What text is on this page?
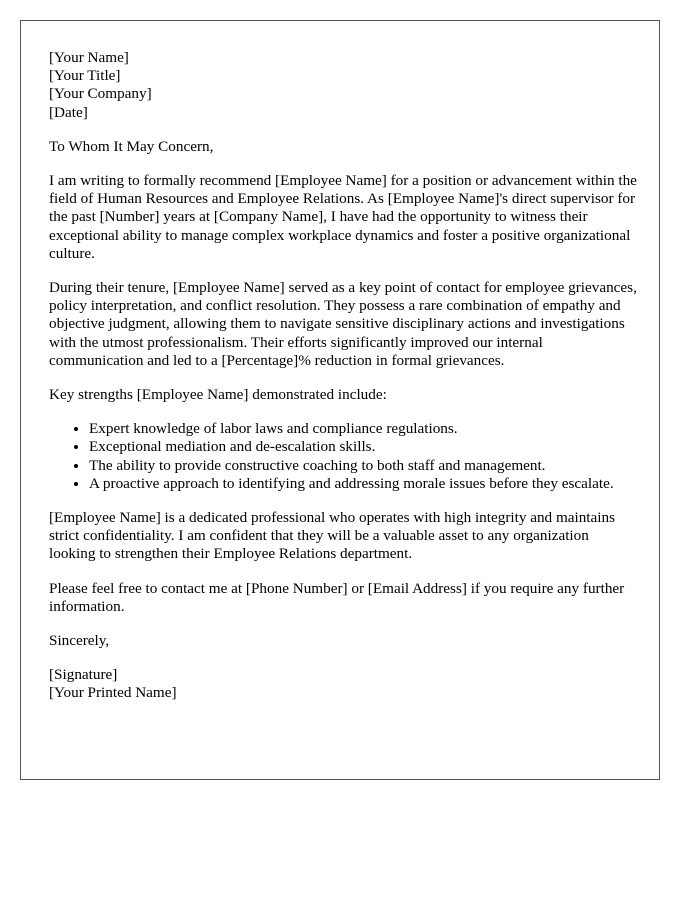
[Your Name]
[Your Title]
[Your Company]
[Date]

To Whom It May Concern,

I am writing to formally recommend [Employee Name] for a position or advancement within the field of Human Resources and Employee Relations. As [Employee Name]'s direct supervisor for the past [Number] years at [Company Name], I have had the opportunity to witness their exceptional ability to manage complex workplace dynamics and foster a positive organizational culture.

During their tenure, [Employee Name] served as a key point of contact for employee grievances, policy interpretation, and conflict resolution. They possess a rare combination of empathy and objective judgment, allowing them to navigate sensitive disciplinary actions and investigations with the utmost professionalism. Their efforts significantly improved our internal communication and led to a [Percentage]% reduction in formal grievances.

Key strengths [Employee Name] demonstrated include:

• Expert knowledge of labor laws and compliance regulations.
• Exceptional mediation and de-escalation skills.
• The ability to provide constructive coaching to both staff and management.
• A proactive approach to identifying and addressing morale issues before they escalate.

[Employee Name] is a dedicated professional who operates with high integrity and maintains strict confidentiality. I am confident that they will be a valuable asset to any organization looking to strengthen their Employee Relations department.

Please feel free to contact me at [Phone Number] or [Email Address] if you require any further information.

Sincerely,

[Signature]
[Your Printed Name]
